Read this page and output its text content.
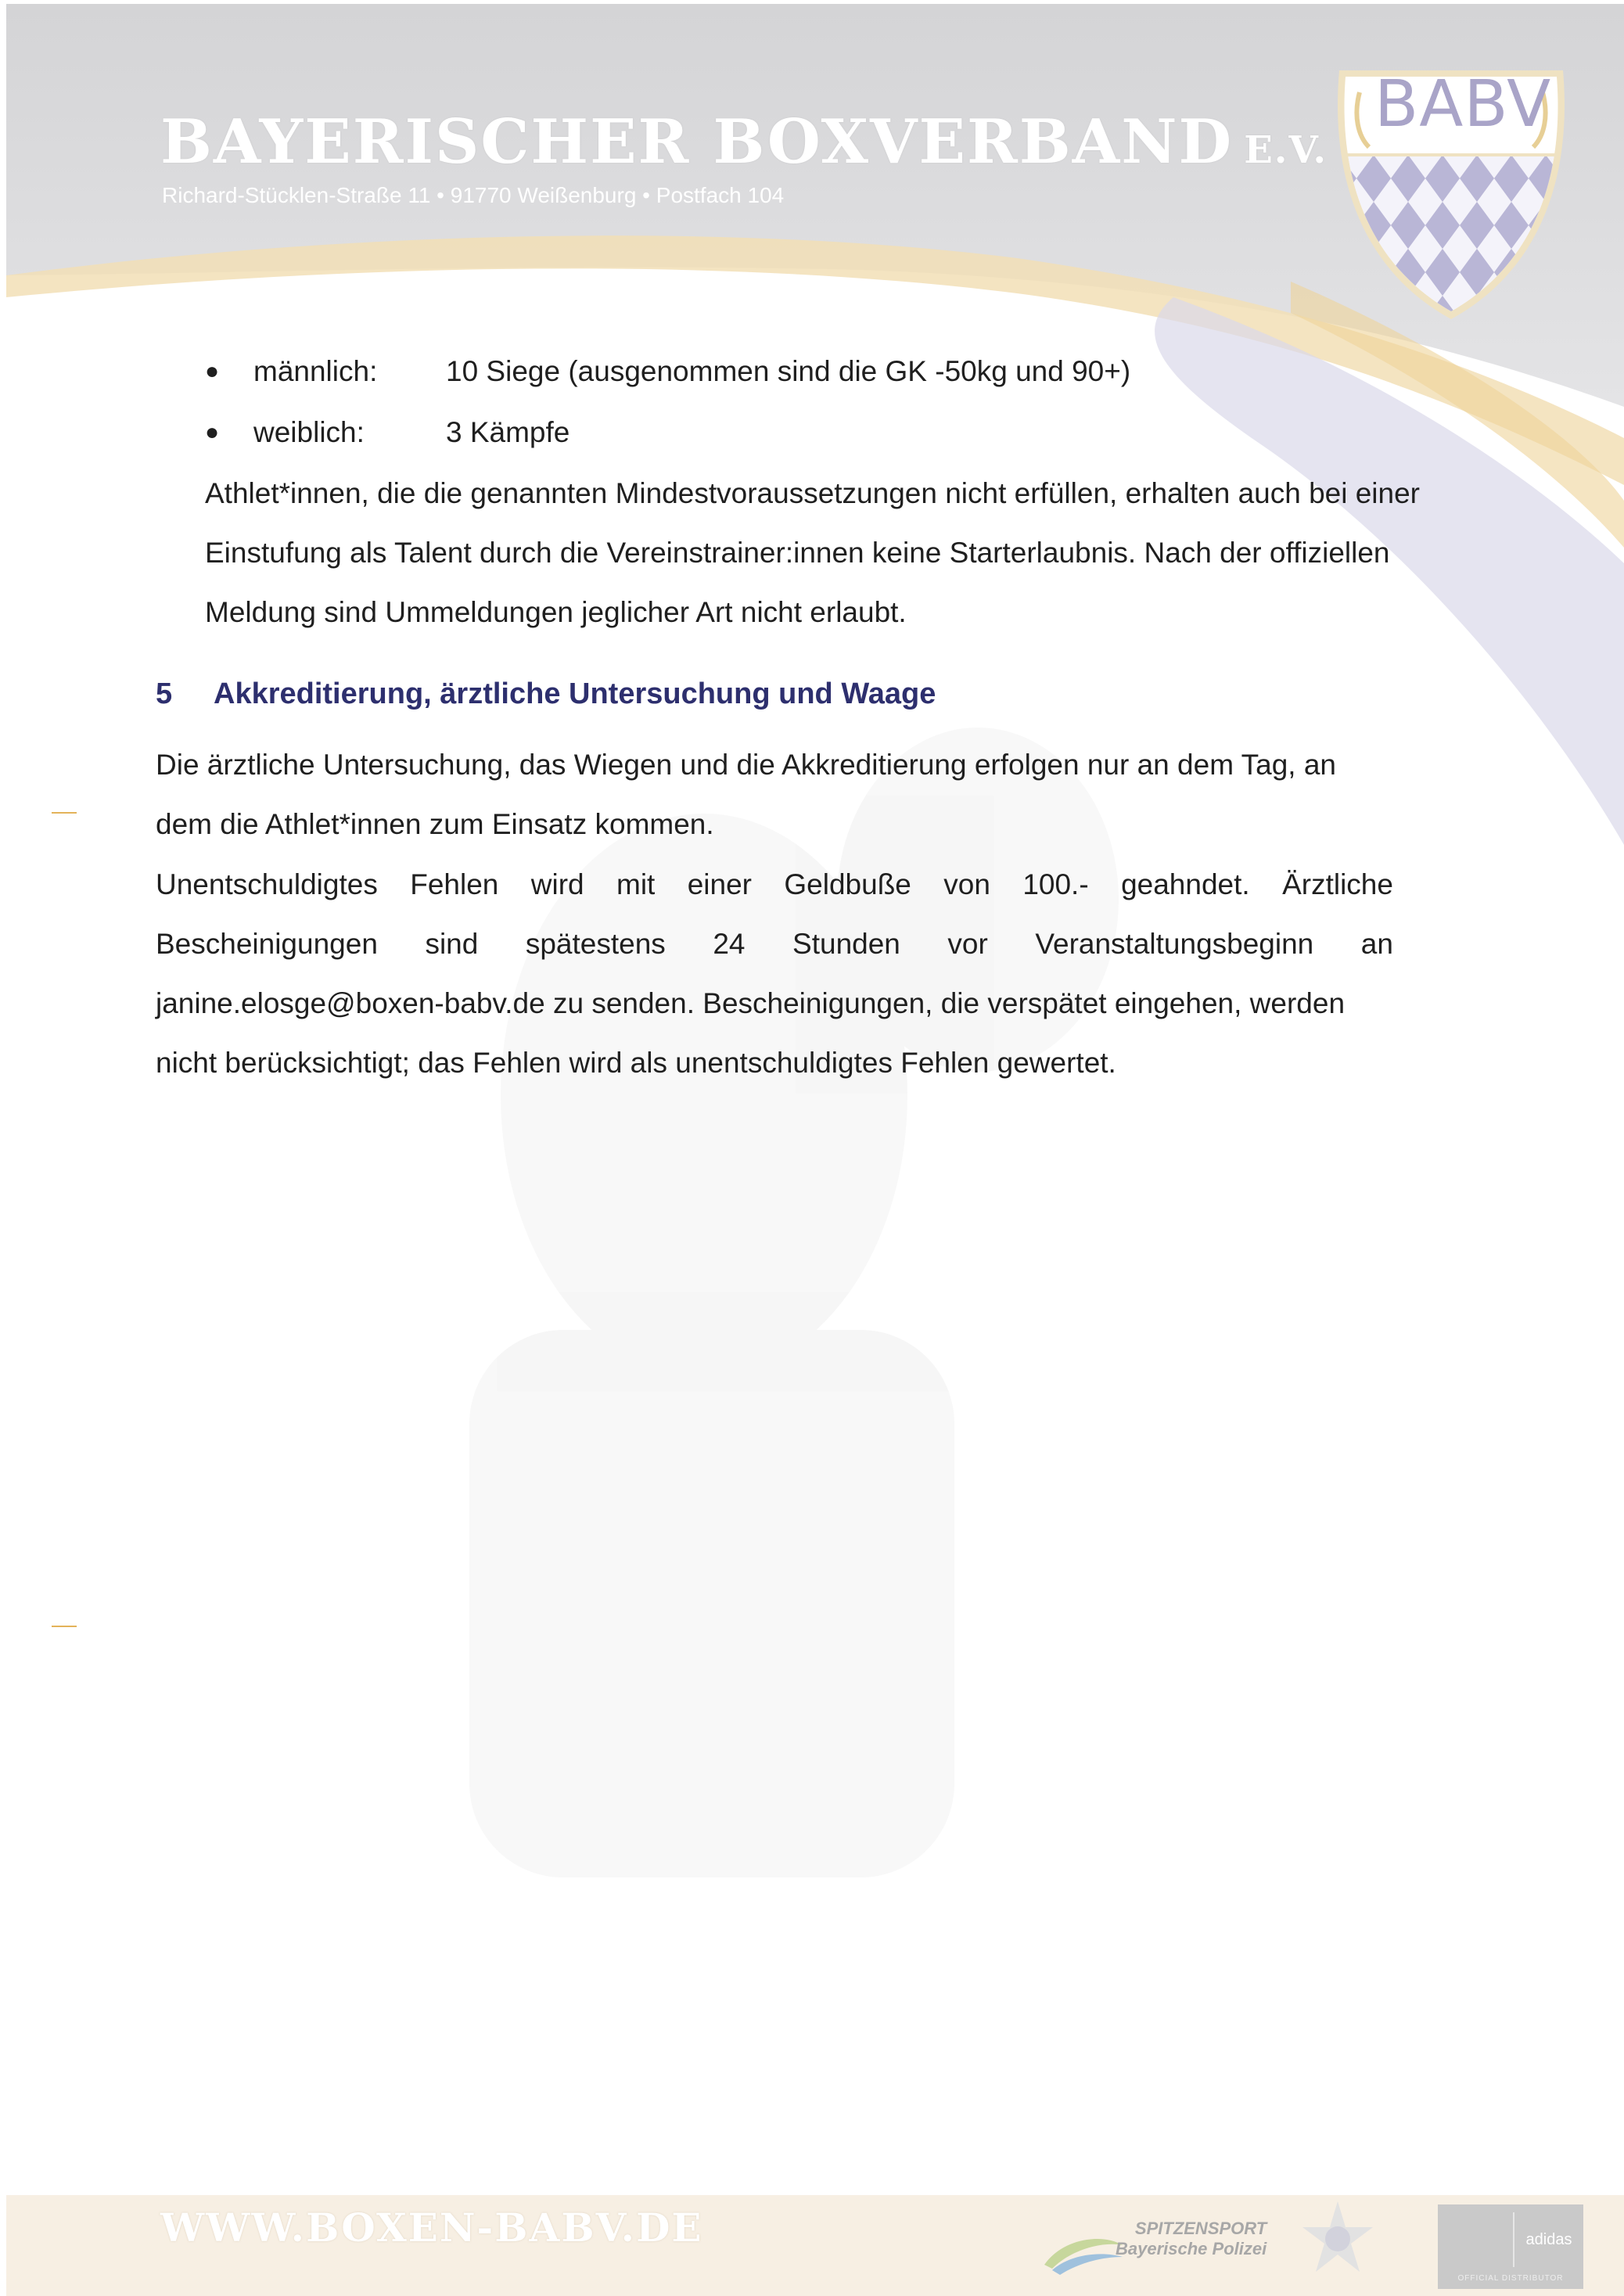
BAYERISCHER BOXVERBAND E.V.
Richard-Stücklen-Straße 11 • 91770 Weißenburg • Postfach 104
BABV
● männlich: 10 Siege (ausgenommen sind die GK -50kg und 90+)
● weiblich:	3 Kämpfe
Athlet*innen, die die genannten Mindestvoraussetzungen nicht erfüllen, erhalten auch bei einer
Einstufung als Talent durch die Vereinstrainer:innen keine Starterlaubnis. Nach der offiziellen
Meldung sind Ummeldungen jeglicher Art nicht erlaubt.
5 Akkreditierung, ärztliche Untersuchung und Waage
Die ärztliche Untersuchung, das Wiegen und die Akkreditierung erfolgen nur an dem Tag, an
dem die Athlet*innen zum Einsatz kommen.
Unentschuldigtes Fehlen wird mit einer Geldbuße von 100.- geahndet. Ärztliche
Bescheinigungen sind spätestens 24 Stunden vor Veranstaltungsbeginn an
janine.elosge@boxen-babv.de zu senden. Bescheinigungen, die verspätet eingehen, werden
nicht berücksichtigt; das Fehlen wird als unentschuldigtes Fehlen gewertet.
WWW.BOXEN-BABV.DE	SPITZENSPORT
Bayerische Polizei	adidas
OFFICIAL DISTRIBUTOR
